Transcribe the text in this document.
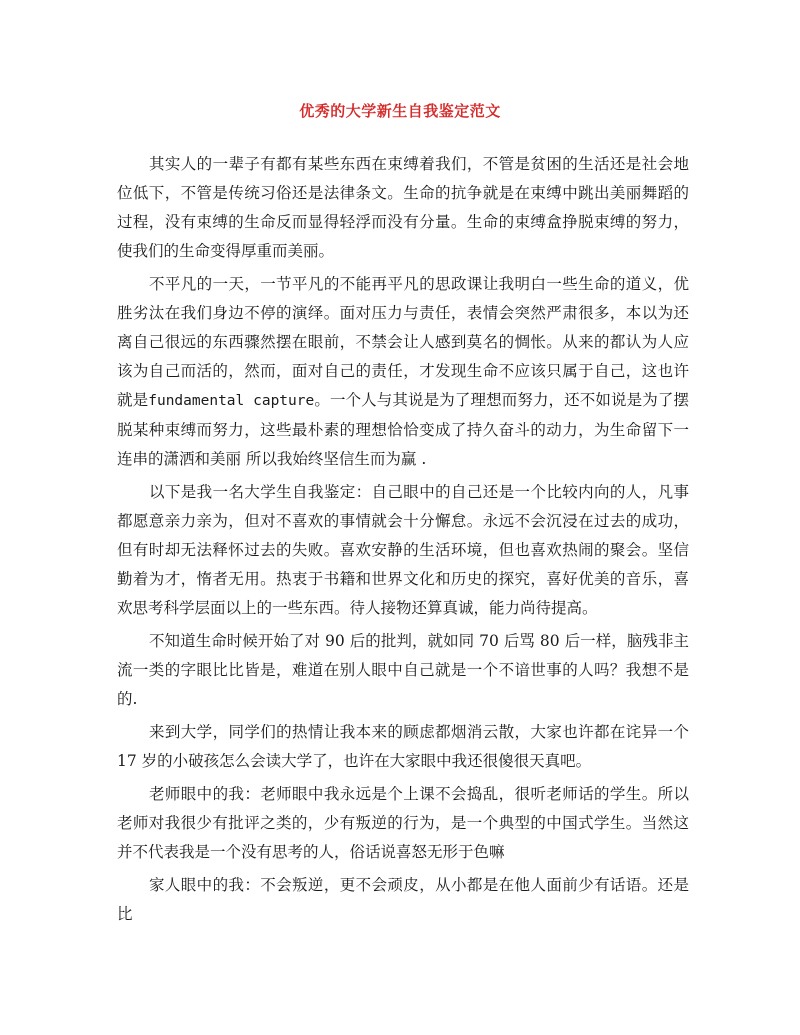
优秀的大学新生自我鉴定范文

其实人的一辈子有都有某些东西在束缚着我们，不管是贫困的生活还是社会地位低下，不管是传统习俗还是法律条文。生命的抗争就是在束缚中跳出美丽舞蹈的过程，没有束缚的生命反而显得轻浮而没有分量。生命的束缚盒挣脱束缚的努力，使我们的生命变得厚重而美丽。

不平凡的一天，一节平凡的不能再平凡的思政课让我明白一些生命的道义，优胜劣汰在我们身边不停的演绎。面对压力与责任，表情会突然严肃很多，本以为还离自己很远的东西骤然摆在眼前，不禁会让人感到莫名的惆怅。从来的都认为人应该为自己而活的，然而，面对自己的责任，才发现生命不应该只属于自己，这也许就是fundamental capture。一个人与其说是为了理想而努力，还不如说是为了摆脱某种束缚而努力，这些最朴素的理想恰恰变成了持久奋斗的动力，为生命留下一连串的潇洒和美丽 所以我始终坚信生而为赢 .

以下是我一名大学生自我鉴定：自己眼中的自己还是一个比较内向的人，凡事都愿意亲力亲为，但对不喜欢的事情就会十分懈怠。永远不会沉浸在过去的成功，但有时却无法释怀过去的失败。喜欢安静的生活环境，但也喜欢热闹的聚会。坚信勤着为才，惰者无用。热衷于书籍和世界文化和历史的探究，喜好优美的音乐，喜欢思考科学层面以上的一些东西。待人接物还算真诚，能力尚待提高。

不知道生命时候开始了对 90 后的批判，就如同 70 后骂 80 后一样，脑残非主流一类的字眼比比皆是，难道在别人眼中自己就是一个不谙世事的人吗？我想不是的.

来到大学，同学们的热情让我本来的顾虑都烟消云散，大家也许都在诧异一个 17 岁的小破孩怎么会读大学了，也许在大家眼中我还很傻很天真吧。

老师眼中的我：老师眼中我永远是个上课不会捣乱，很听老师话的学生。所以老师对我很少有批评之类的，少有叛逆的行为，是一个典型的中国式学生。当然这并不代表我是一个没有思考的人，俗话说喜怒无形于色嘛

家人眼中的我：不会叛逆，更不会顽皮，从小都是在他人面前少有话语。还是比
